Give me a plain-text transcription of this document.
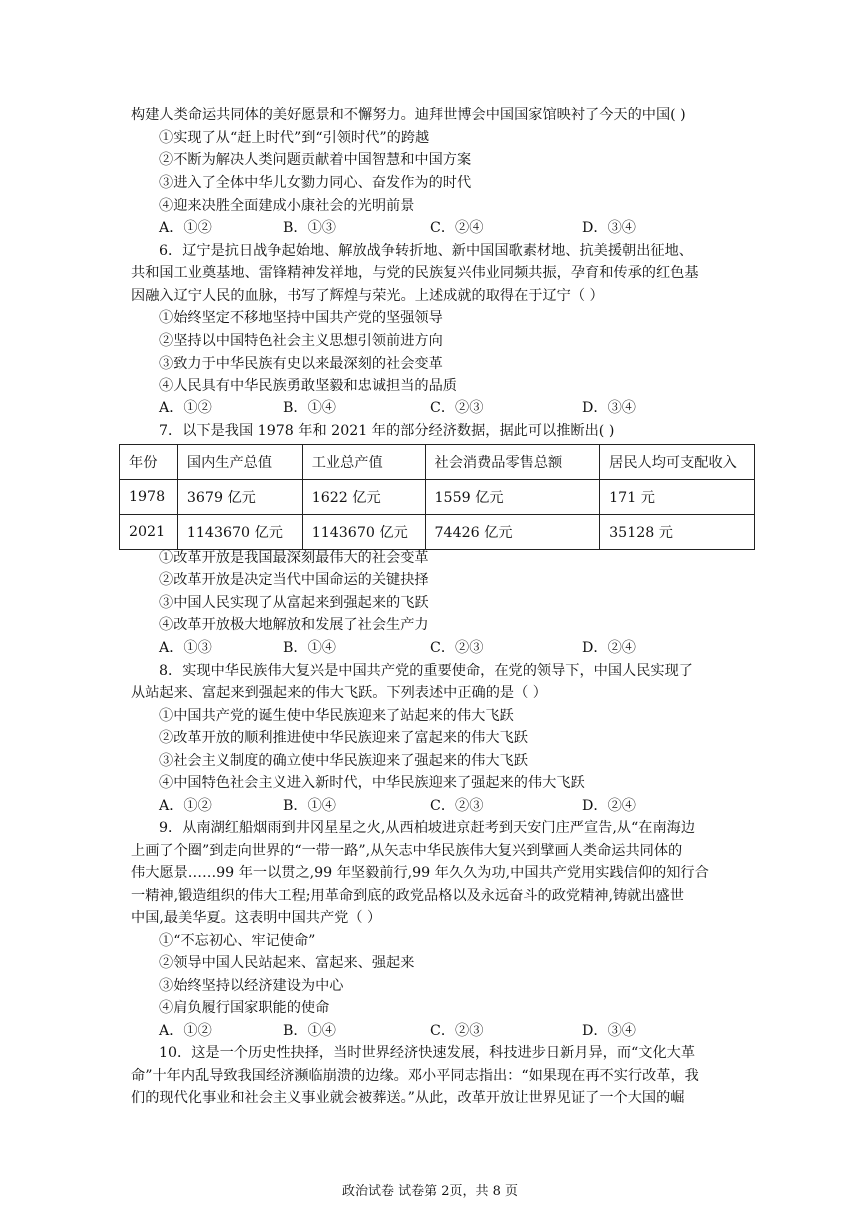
构建人类命运共同体的美好愿景和不懈努力。迪拜世博会中国国家馆映衬了今天的中国( )
①实现了从“赶上时代”到“引领时代”的跨越
②不断为解决人类问题贡献着中国智慧和中国方案
③进入了全体中华儿女勠力同心、奋发作为的时代
④迎来决胜全面建成小康社会的光明前景
A．①②	B．①③	C．②④	D．③④
6．辽宁是抗日战争起始地、解放战争转折地、新中国国歌素材地、抗美援朝出征地、
共和国工业奠基地、雷锋精神发祥地，与党的民族复兴伟业同频共振，孕育和传承的红色基
因融入辽宁人民的血脉，书写了辉煌与荣光。上述成就的取得在于辽宁（ ）
①始终坚定不移地坚持中国共产党的坚强领导
②坚持以中国特色社会主义思想引领前进方向
③致力于中华民族有史以来最深刻的社会变革
④人民具有中华民族勇敢坚毅和忠诚担当的品质
A．①②	B．①④	C．②③	D．③④
7．以下是我国 1978 年和 2021 年的部分经济数据，据此可以推断出( )
年份	国内生产总值	工业总产值	社会消费品零售总额	居民人均可支配收入
1978	3679 亿元	1622 亿元	1559 亿元	171 元
2021	1143670 亿元	1143670 亿元	74426 亿元	35128 元
①改革开放是我国最深刻最伟大的社会变革
②改革开放是决定当代中国命运的关键抉择
③中国人民实现了从富起来到强起来的飞跃
④改革开放极大地解放和发展了社会生产力
A．①③	B．①④	C．②③	D．②④
8．实现中华民族伟大复兴是中国共产党的重要使命，在党的领导下，中国人民实现了
从站起来、富起来到强起来的伟大飞跃。下列表述中正确的是（ ）
①中国共产党的诞生使中华民族迎来了站起来的伟大飞跃
②改革开放的顺利推进使中华民族迎来了富起来的伟大飞跃
③社会主义制度的确立使中华民族迎来了强起来的伟大飞跃
④中国特色社会主义进入新时代，中华民族迎来了强起来的伟大飞跃
A．①②	B．①④	C．②③	D．②④
9．从南湖红船烟雨到井冈星星之火,从西柏坡进京赶考到天安门庄严宣告,从“在南海边
上画了个圈”到走向世界的“一带一路”,从矢志中华民族伟大复兴到擘画人类命运共同体的
伟大愿景……99 年一以贯之,99 年坚毅前行,99 年久久为功,中国共产党用实践信仰的知行合
一精神,锻造组织的伟大工程;用革命到底的政党品格以及永远奋斗的政党精神,铸就出盛世
中国,最美华夏。这表明中国共产党（ ）
①“不忘初心、牢记使命”
②领导中国人民站起来、富起来、强起来
③始终坚持以经济建设为中心
④肩负履行国家职能的使命
A．①②	B．①④	C．②③	D．③④
10．这是一个历史性抉择，当时世界经济快速发展，科技进步日新月异，而“文化大革
命”十年内乱导致我国经济濒临崩溃的边缘。邓小平同志指出：“如果现在再不实行改革，我
们的现代化事业和社会主义事业就会被葬送。”从此，改革开放让世界见证了一个大国的崛
政治试卷 试卷第 2页，共 8 页
